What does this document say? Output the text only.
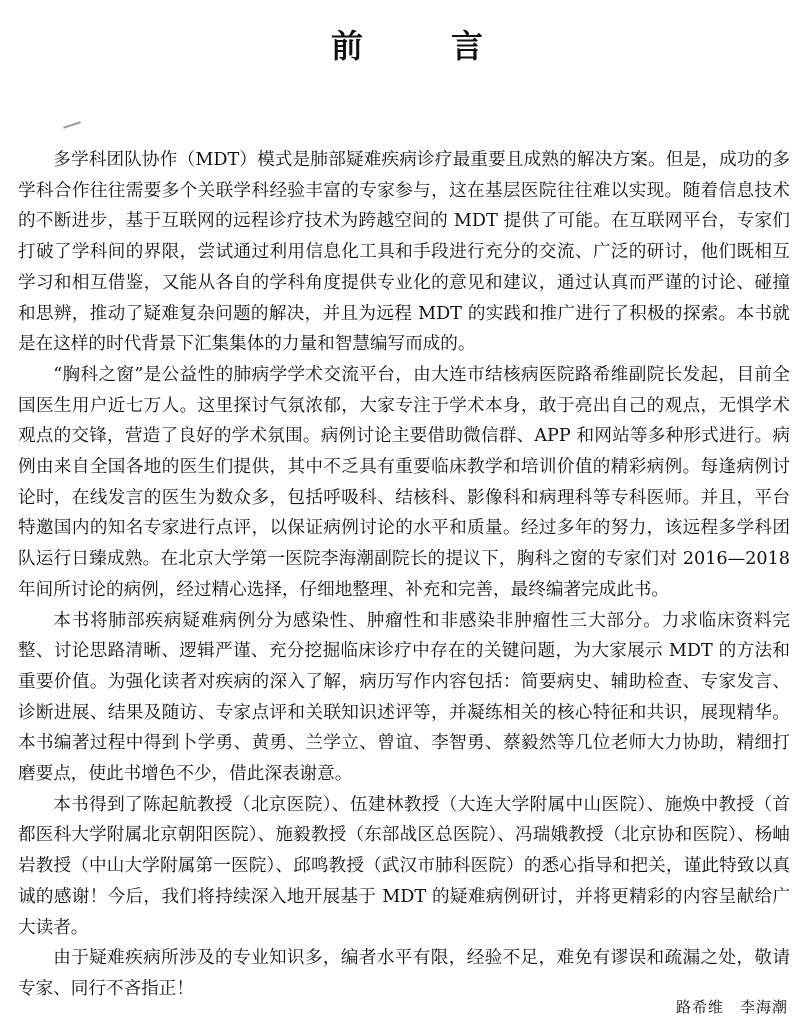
前　言

多学科团队协作（MDT）模式是肺部疑难疾病诊疗最重要且成熟的解决方案。但是，成功的多学科合作往往需要多个关联学科经验丰富的专家参与，这在基层医院往往难以实现。随着信息技术的不断进步，基于互联网的远程诊疗技术为跨越空间的 MDT 提供了可能。在互联网平台，专家们打破了学科间的界限，尝试通过利用信息化工具和手段进行充分的交流、广泛的研讨，他们既相互学习和相互借鉴，又能从各自的学科角度提供专业化的意见和建议，通过认真而严谨的讨论、碰撞和思辨，推动了疑难复杂问题的解决，并且为远程 MDT 的实践和推广进行了积极的探索。本书就是在这样的时代背景下汇集集体的力量和智慧编写而成的。

“胸科之窗”是公益性的肺病学学术交流平台，由大连市结核病医院路希维副院长发起，目前全国医生用户近七万人。这里探讨气氛浓郁，大家专注于学术本身，敢于亮出自己的观点，无惧学术观点的交锋，营造了良好的学术氛围。病例讨论主要借助微信群、APP 和网站等多种形式进行。病例由来自全国各地的医生们提供，其中不乏具有重要临床教学和培训价值的精彩病例。每逢病例讨论时，在线发言的医生为数众多，包括呼吸科、结核科、影像科和病理科等专科医师。并且，平台特邀国内的知名专家进行点评，以保证病例讨论的水平和质量。经过多年的努力，该远程多学科团队运行日臻成熟。在北京大学第一医院李海潮副院长的提议下，胸科之窗的专家们对 2016—2018 年间所讨论的病例，经过精心选择，仔细地整理、补充和完善，最终编著完成此书。

本书将肺部疾病疑难病例分为感染性、肿瘤性和非感染非肿瘤性三大部分。力求临床资料完整、讨论思路清晰、逻辑严谨、充分挖掘临床诊疗中存在的关键问题，为大家展示 MDT 的方法和重要价值。为强化读者对疾病的深入了解，病历写作内容包括：简要病史、辅助检查、专家发言、诊断进展、结果及随访、专家点评和关联知识述评等，并凝练相关的核心特征和共识，展现精华。本书编著过程中得到卜学勇、黄勇、兰学立、曾谊、李智勇、蔡毅然等几位老师大力协助，精细打磨要点，使此书增色不少，借此深表谢意。

本书得到了陈起航教授（北京医院）、伍建林教授（大连大学附属中山医院）、施焕中教授（首都医科大学附属北京朝阳医院）、施毅教授（东部战区总医院）、冯瑞娥教授（北京协和医院）、杨岫岩教授（中山大学附属第一医院）、邱鸣教授（武汉市肺科医院）的悉心指导和把关，谨此特致以真诚的感谢！今后，我们将持续深入地开展基于 MDT 的疑难病例研讨，并将更精彩的内容呈献给广大读者。

由于疑难疾病所涉及的专业知识多，编者水平有限，经验不足，难免有谬误和疏漏之处，敬请专家、同行不吝指正！

路希维　李海潮
